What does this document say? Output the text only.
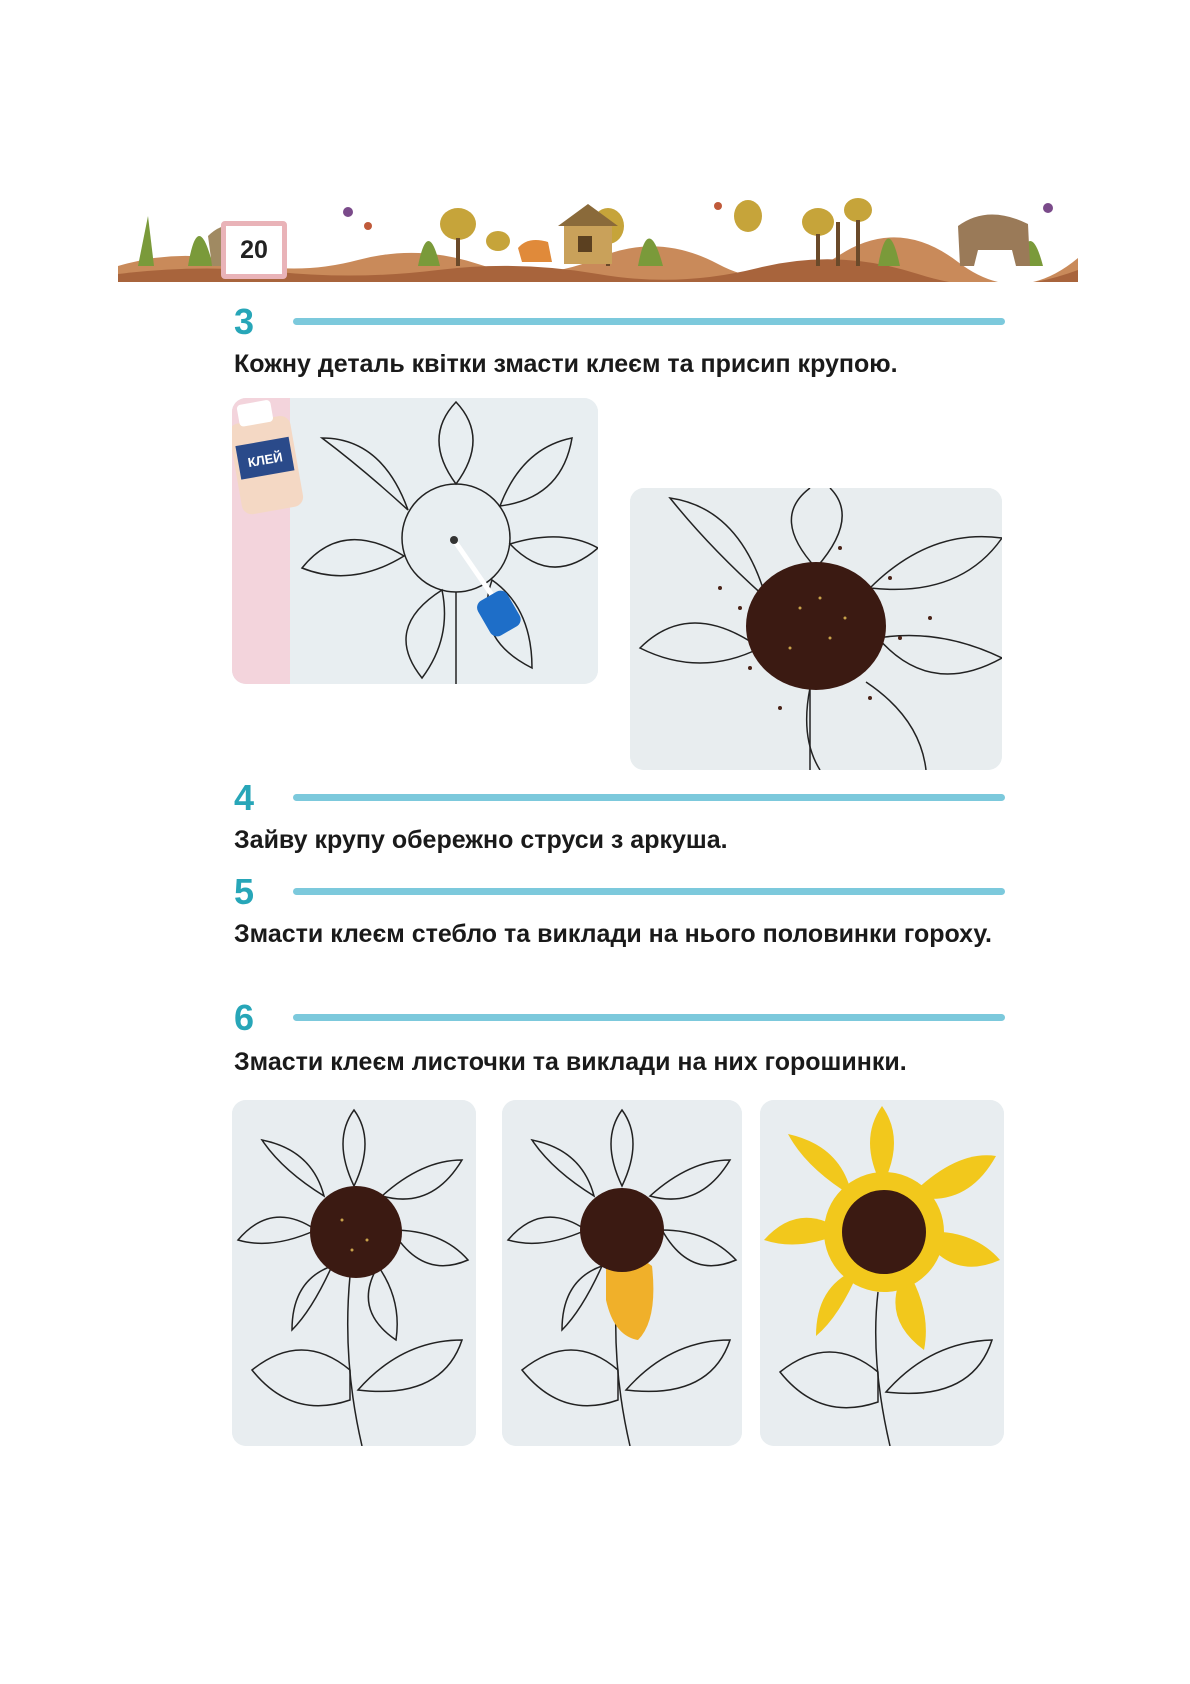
20
3
Кожну деталь квітки змасти клеєм та присип крупою.
КЛЕЙ
4
Зайву крупу обережно струси з аркуша.
5
Змасти клеєм стебло та виклади на нього половинки гороху.
6
Змасти клеєм листочки та виклади на них горошинки.
